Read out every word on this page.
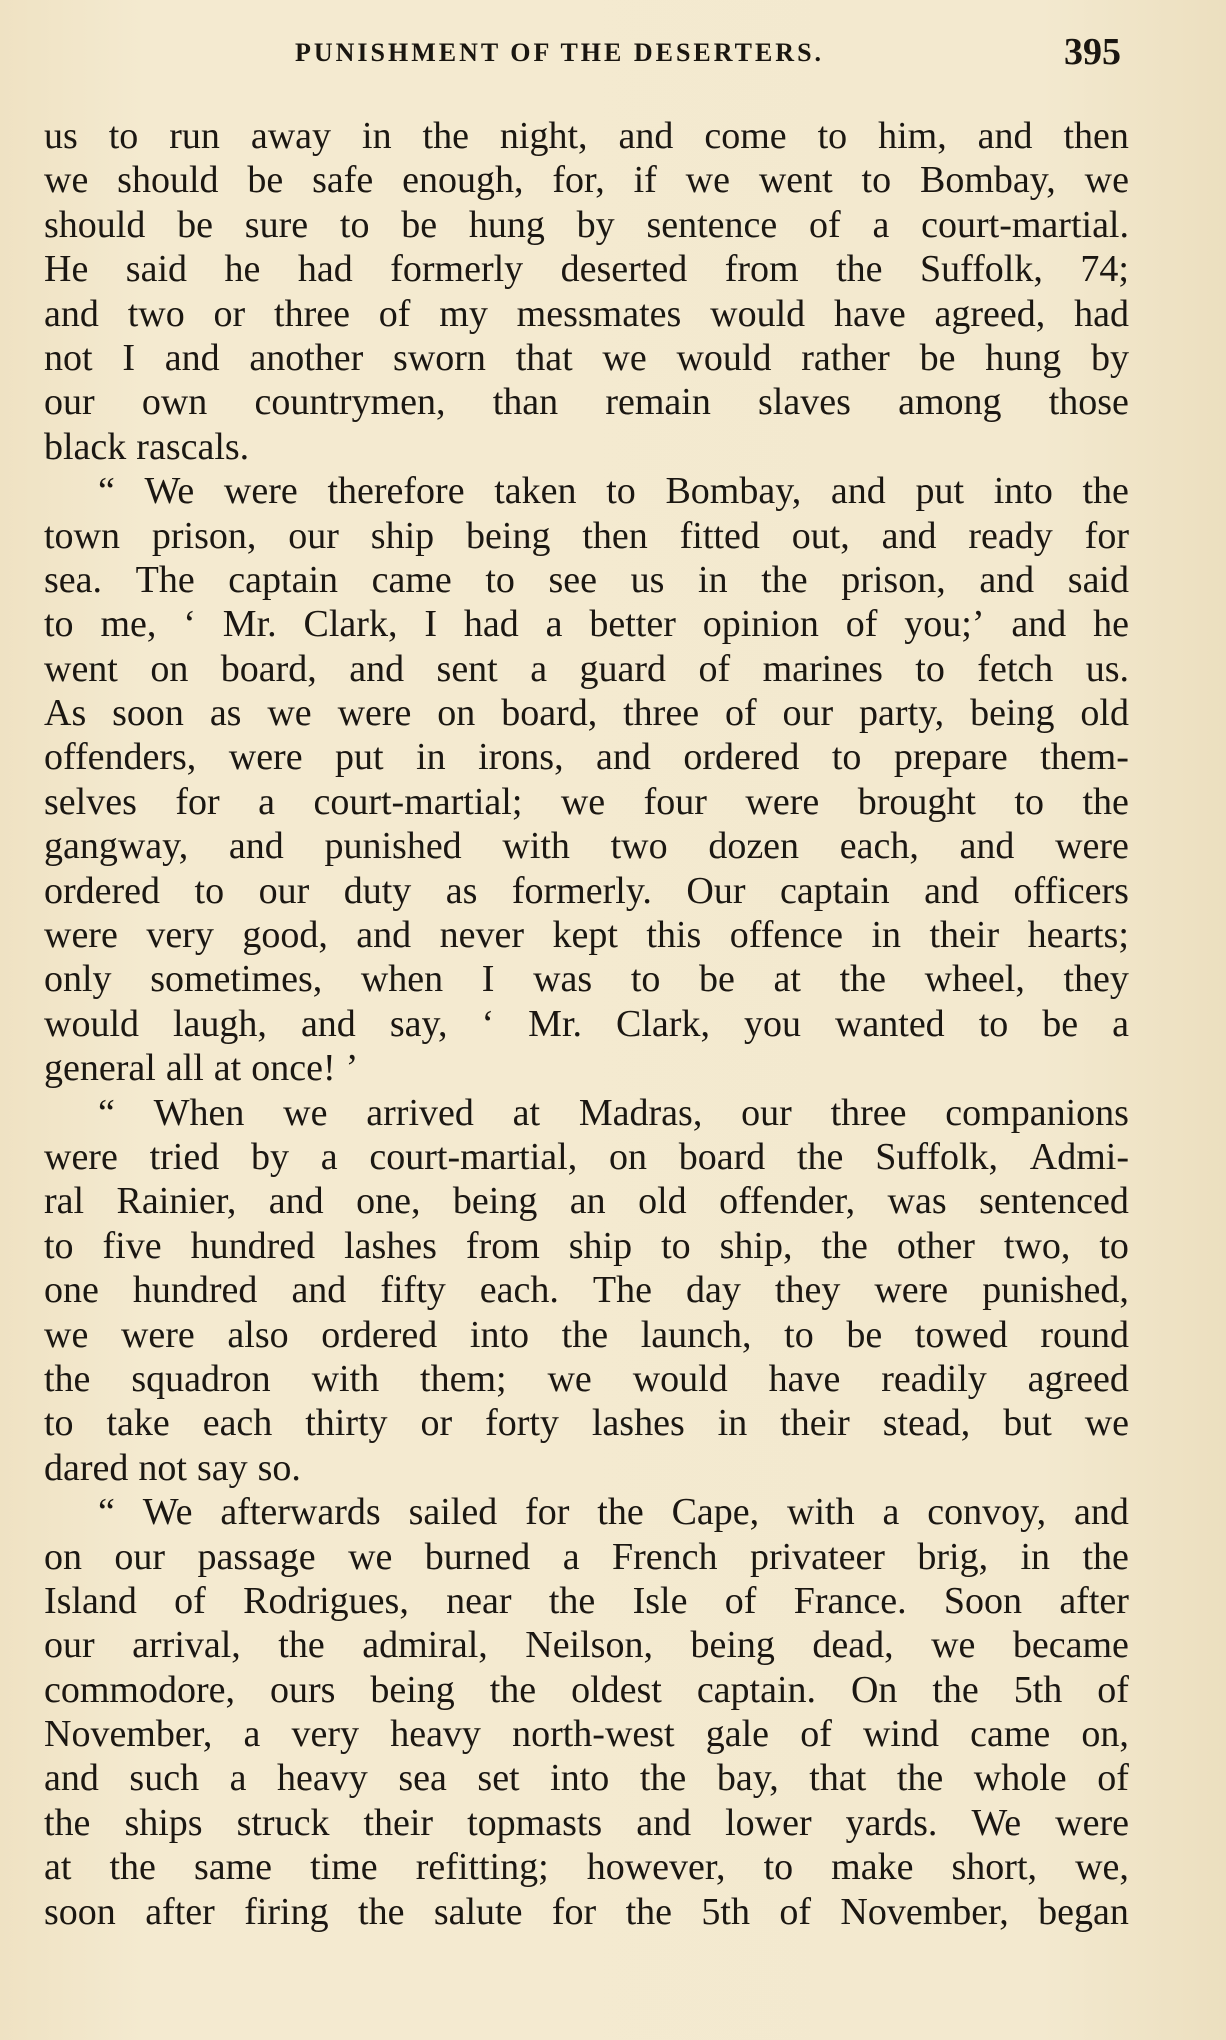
PUNISHMENT OF THE DESERTERS.	395
us to run away in the night, and come to him, and then
we should be safe enough, for, if we went to Bombay, we
should be sure to be hung by sentence of a court-martial.
He said he had formerly deserted from the Suffolk, 74;
and two or three of my messmates would have agreed, had
not I and another sworn that we would rather be hung by
our own countrymen, than remain slaves among those
black rascals.
“ We were therefore taken to Bombay, and put into the
town prison, our ship being then fitted out, and ready for
sea. The captain came to see us in the prison, and said
to me, ‘ Mr. Clark, I had a better opinion of you;’ and he
went on board, and sent a guard of marines to fetch us.
As soon as we were on board, three of our party, being old
offenders, were put in irons, and ordered to prepare them-
selves for a court-martial; we four were brought to the
gangway, and punished with two dozen each, and were
ordered to our duty as formerly. Our captain and officers
were very good, and never kept this offence in their hearts;
only sometimes, when I was to be at the wheel, they
would laugh, and say, ‘ Mr. Clark, you wanted to be a
general all at once! ’
“ When we arrived at Madras, our three companions
were tried by a court-martial, on board the Suffolk, Admi-
ral Rainier, and one, being an old offender, was sentenced
to five hundred lashes from ship to ship, the other two, to
one hundred and fifty each. The day they were punished,
we were also ordered into the launch, to be towed round
the squadron with them; we would have readily agreed
to take each thirty or forty lashes in their stead, but we
dared not say so.
“ We afterwards sailed for the Cape, with a convoy, and
on our passage we burned a French privateer brig, in the
Island of Rodrigues, near the Isle of France. Soon after
our arrival, the admiral, Neilson, being dead, we became
commodore, ours being the oldest captain. On the 5th of
November, a very heavy north-west gale of wind came on,
and such a heavy sea set into the bay, that the whole of
the ships struck their topmasts and lower yards. We were
at the same time refitting; however, to make short, we,
soon after firing the salute for the 5th of November, began
